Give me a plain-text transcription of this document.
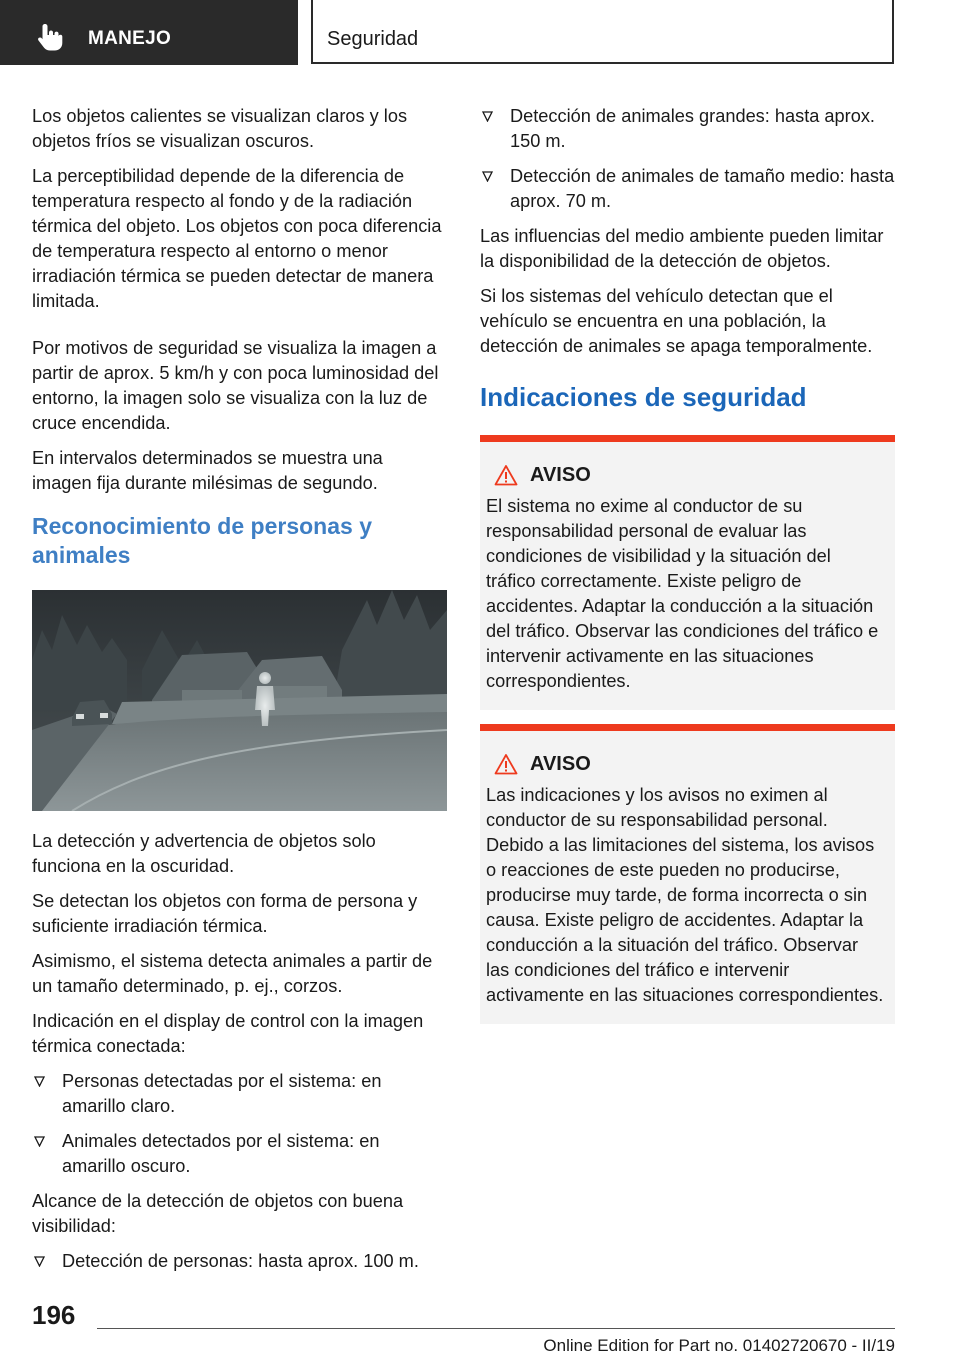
MANEJO	Seguridad

Los objetos calientes se visualizan claros y los objetos fríos se visualizan oscuros.

La perceptibilidad depende de la diferencia de temperatura respecto al fondo y de la radiación térmica del objeto. Los objetos con poca diferencia de temperatura respecto al entorno o menor irradiación térmica se pueden detectar de manera limitada.

Por motivos de seguridad se visualiza la imagen a partir de aprox. 5 km/h y con poca luminosidad del entorno, la imagen solo se visualiza con la luz de cruce encendida.

En intervalos determinados se muestra una imagen fija durante milésimas de segundo.

Reconocimiento de personas y animales

La detección y advertencia de objetos solo funciona en la oscuridad.

Se detectan los objetos con forma de persona y suficiente irradiación térmica.

Asimismo, el sistema detecta animales a partir de un tamaño determinado, p. ej., corzos.

Indicación en el display de control con la imagen térmica conectada:

Personas detectadas por el sistema: en amarillo claro.
Animales detectados por el sistema: en amarillo oscuro.

Alcance de la detección de objetos con buena visibilidad:

Detección de personas: hasta aprox. 100 m.
Detección de animales grandes: hasta aprox. 150 m.
Detección de animales de tamaño medio: hasta aprox. 70 m.

Las influencias del medio ambiente pueden limitar la disponibilidad de la detección de objetos.

Si los sistemas del vehículo detectan que el vehículo se encuentra en una población, la detección de animales se apaga temporalmente.

Indicaciones de seguridad
AVISO

El sistema no exime al conductor de su responsabilidad personal de evaluar las condiciones de visibilidad y la situación del tráfico correctamente. Existe peligro de accidentes. Adaptar la conducción a la situación del tráfico. Observar las condiciones del tráfico e intervenir activamente en las situaciones correspondientes.

AVISO

Las indicaciones y los avisos no eximen al conductor de su responsabilidad personal. Debido a las limitaciones del sistema, los avisos o reacciones de este pueden no producirse, producirse muy tarde, de forma incorrecta o sin causa. Existe peligro de accidentes. Adaptar la conducción a la situación del tráfico. Observar las condiciones del tráfico e intervenir activamente en las situaciones correspondientes.

196
Online Edition for Part no. 01402720670 - II/19
